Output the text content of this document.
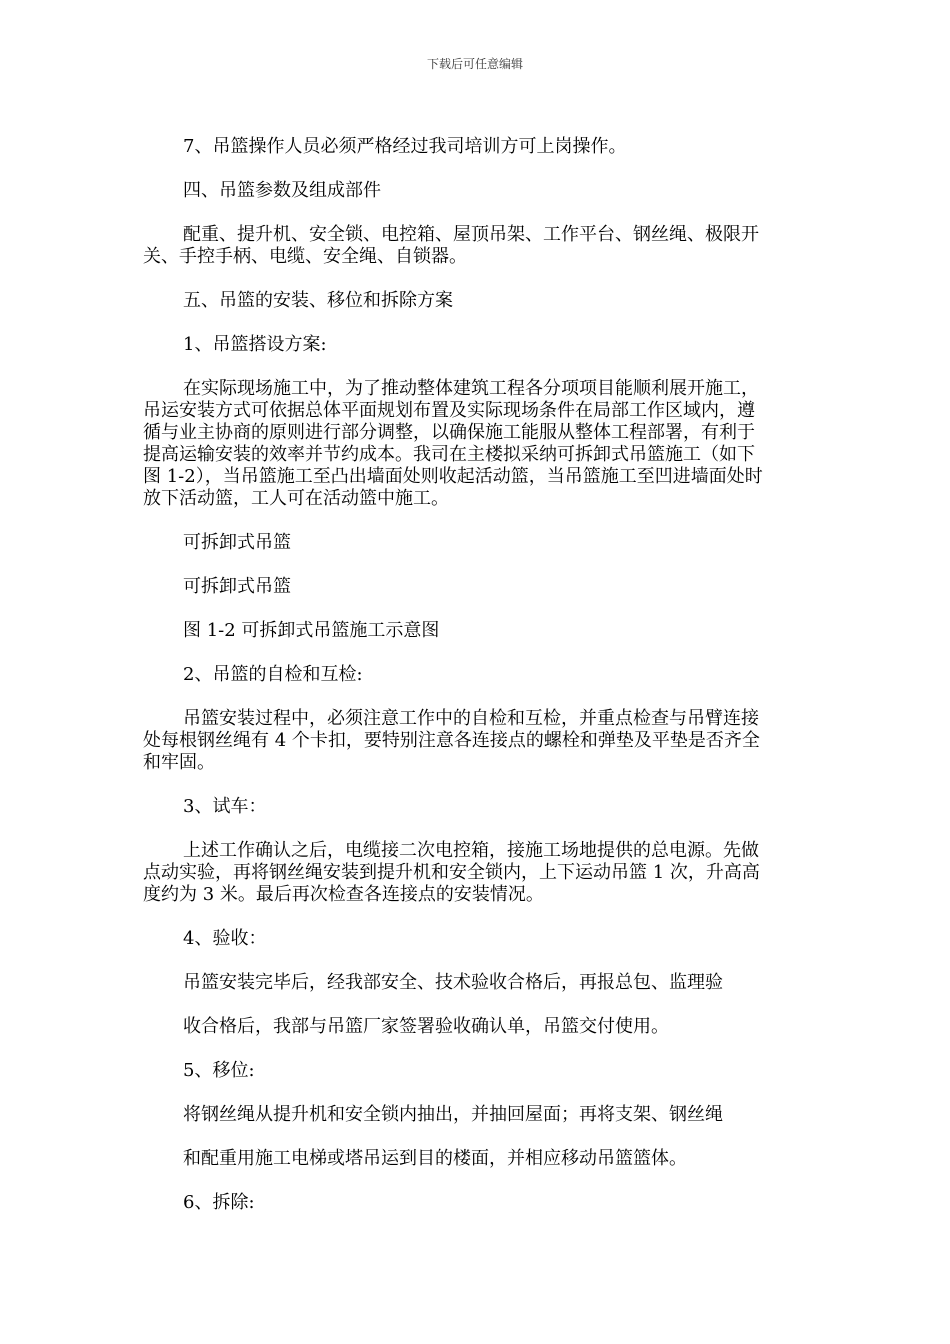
下载后可任意编辑

7、吊篮操作人员必须严格经过我司培训方可上岗操作。

四、吊篮参数及组成部件

配重、提升机、安全锁、电控箱、屋顶吊架、工作平台、钢丝绳、极限开
关、手控手柄、电缆、安全绳、自锁器。

五、吊篮的安装、移位和拆除方案

1、吊篮搭设方案:

在实际现场施工中，为了推动整体建筑工程各分项项目能顺利展开施工，
吊运安装方式可依据总体平面规划布置及实际现场条件在局部工作区域内，遵
循与业主协商的原则进行部分调整，以确保施工能服从整体工程部署，有利于
提高运输安装的效率并节约成本。我司在主楼拟采纳可拆卸式吊篮施工（如下
图 1-2），当吊篮施工至凸出墙面处则收起活动篮，当吊篮施工至凹进墙面处时
放下活动篮，工人可在活动篮中施工。

可拆卸式吊篮

可拆卸式吊篮

图 1-2 可拆卸式吊篮施工示意图

2、吊篮的自检和互检:

吊篮安装过程中，必须注意工作中的自检和互检，并重点检查与吊臂连接
处每根钢丝绳有 4 个卡扣，要特别注意各连接点的螺栓和弹垫及平垫是否齐全
和牢固。

3、试车：

上述工作确认之后，电缆接二次电控箱，接施工场地提供的总电源。先做
点动实验，再将钢丝绳安装到提升机和安全锁内，上下运动吊篮 1 次，升高高
度约为 3 米。最后再次检查各连接点的安装情况。

4、验收：

吊篮安装完毕后，经我部安全、技术验收合格后，再报总包、监理验

收合格后，我部与吊篮厂家签署验收确认单，吊篮交付使用。

5、移位:

将钢丝绳从提升机和安全锁内抽出，并抽回屋面；再将支架、钢丝绳

和配重用施工电梯或塔吊运到目的楼面，并相应移动吊篮篮体。

6、拆除:
